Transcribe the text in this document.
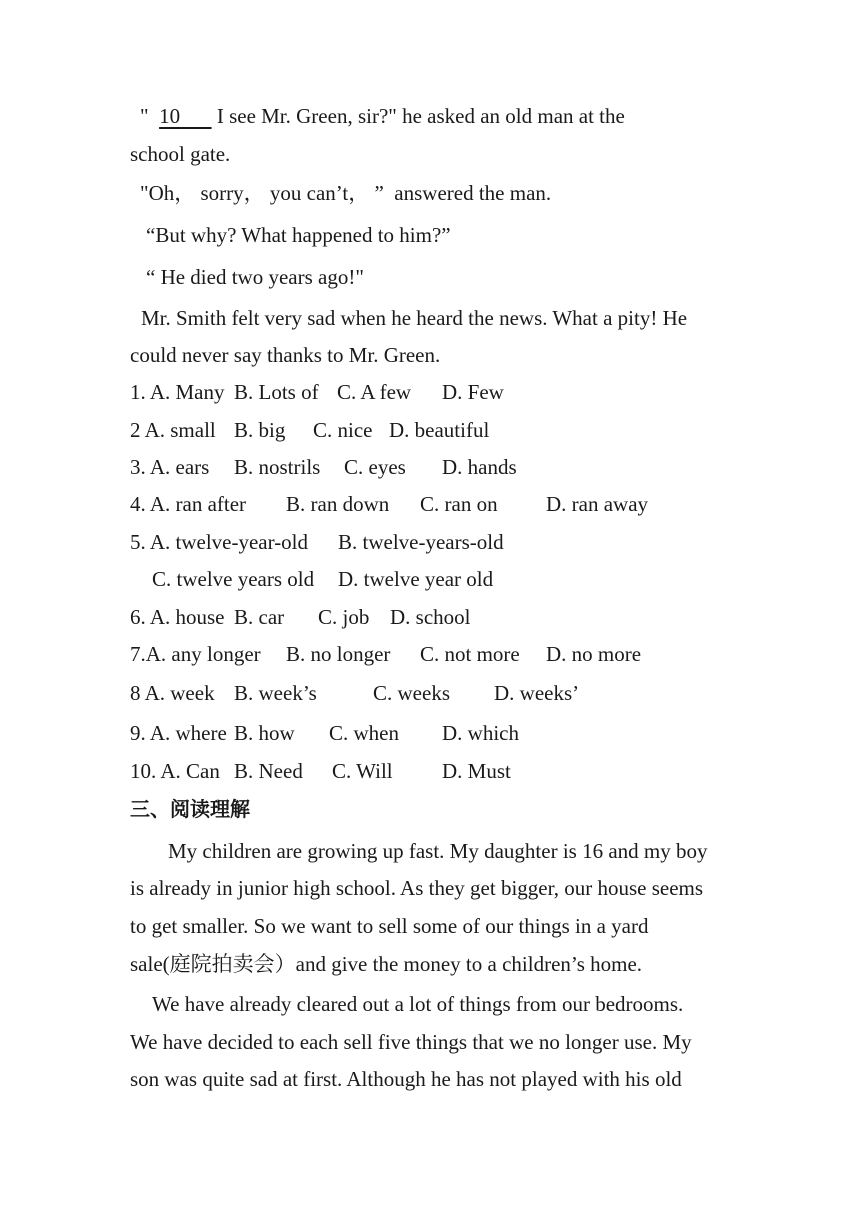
" 10       I see Mr. Green, sir?" he asked an old man at the
school gate.
"Oh， sorry， you can’t， ”  answered the man.
“But why? What happened to him?”
“ He died two years ago!"
Mr. Smith felt very sad when he heard the news. What a pity! He
could never say thanks to Mr. Green.
1. A. Many B. Lots of C. A few D. Few
2 A. small B. big C. nice D. beautiful
3. A. ears B. nostrils C. eyes D. hands
4. A. ran after B. ran down C. ran on D. ran away
5. A. twelve-year-old B. twelve-years-old
C. twelve years old D. twelve year old
6. A. house B. car C. job D. school
7.A. any longer B. no longer C. not more D. no more
8 A. week B. week’s	C. weeks D. weeks’
9. A. where B. how C. when D. which
10. A. Can B. Need C. Will D. Must
三、阅读理解
My children are growing up fast. My daughter is 16 and my boy
is already in junior high school. As they get bigger, our house seems
to get smaller. So we want to sell some of our things in a yard
sale(庭院拍卖会）and give the money to a children’s home.
We have already cleared out a lot of things from our bedrooms.
We have decided to each sell five things that we no longer use. My
son was quite sad at first. Although he has not played with his old
